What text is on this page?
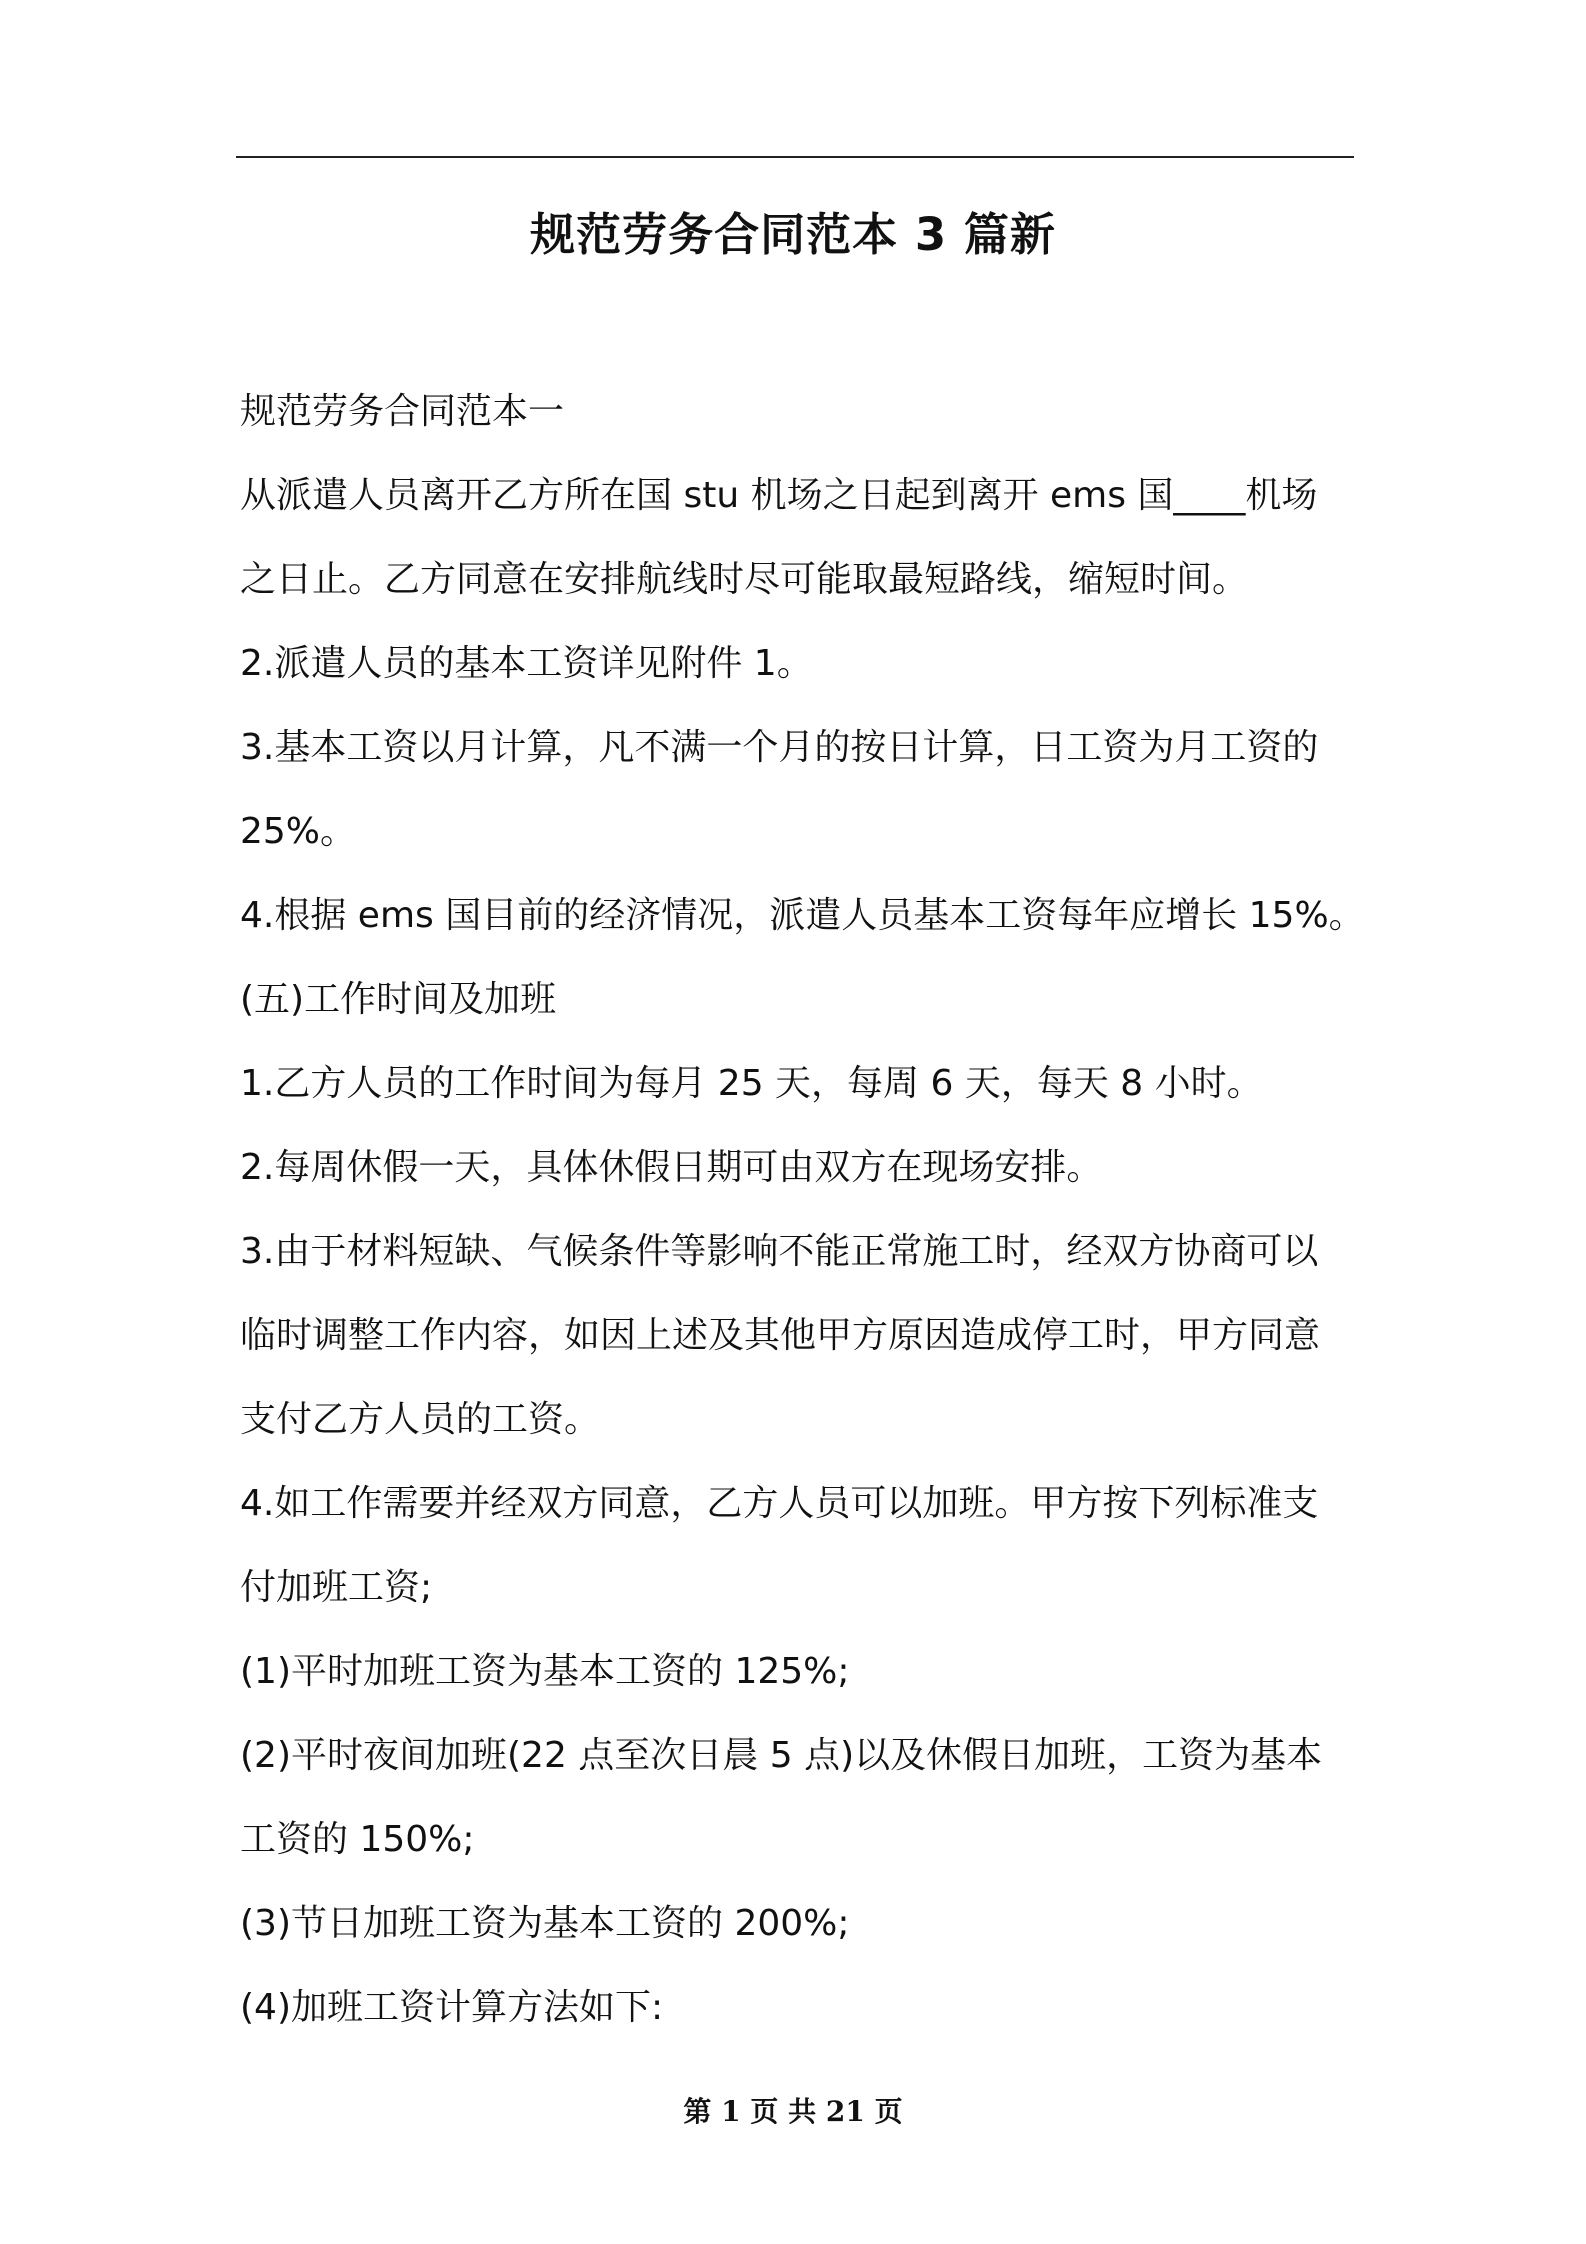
规范劳务合同范本 3 篇新

规范劳务合同范本一

从派遣人员离开乙方所在国 stu 机场之日起到离开 ems 国____机场

之日止。乙方同意在安排航线时尽可能取最短路线，缩短时间。

2.派遣人员的基本工资详见附件 1。

3.基本工资以月计算，凡不满一个月的按日计算，日工资为月工资的

25%。

4.根据 ems 国目前的经济情况，派遣人员基本工资每年应增长 15%。

(五)工作时间及加班

1.乙方人员的工作时间为每月 25 天，每周 6 天，每天 8 小时。

2.每周休假一天，具体休假日期可由双方在现场安排。

3.由于材料短缺、气候条件等影响不能正常施工时，经双方协商可以

临时调整工作内容，如因上述及其他甲方原因造成停工时，甲方同意

支付乙方人员的工资。

4.如工作需要并经双方同意，乙方人员可以加班。甲方按下列标准支

付加班工资;

(1)平时加班工资为基本工资的 125%;

(2)平时夜间加班(22 点至次日晨 5 点)以及休假日加班，工资为基本

工资的 150%;

(3)节日加班工资为基本工资的 200%;

(4)加班工资计算方法如下:

第 1 页 共 21 页
